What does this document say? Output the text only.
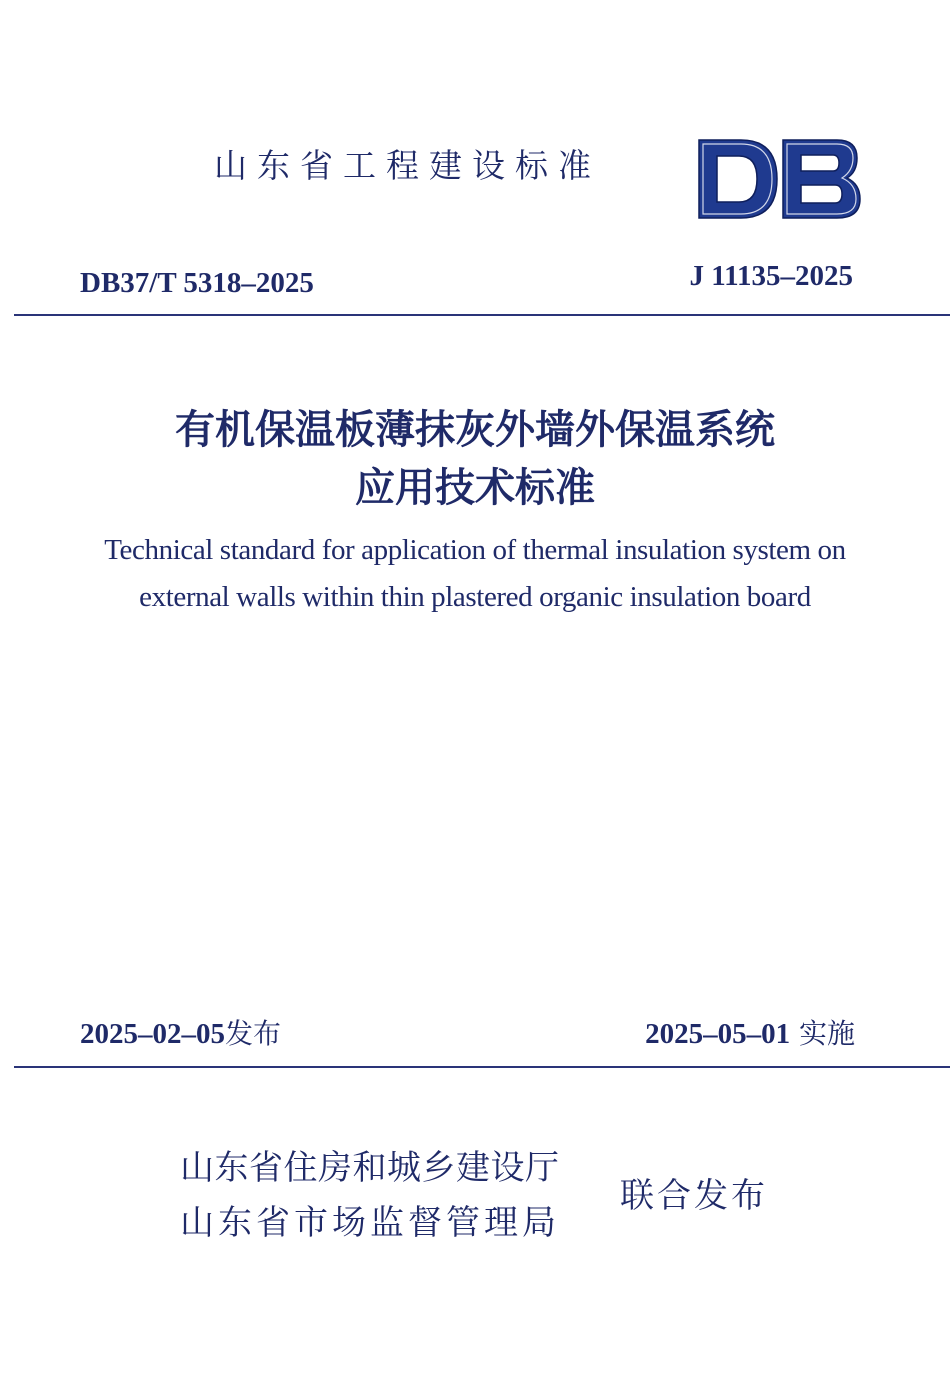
山东省工程建设标准
DB
DB37/T 5318–2025	J 11135–2025
有机保温板薄抹灰外墙外保温系统
应用技术标准
Technical standard for application of thermal insulation system on
external walls within thin plastered organic insulation board
2025–02–05发布	2025–05–01 实施
山东省住房和城乡建设厅
山东省市场监督管理局
联合发布
